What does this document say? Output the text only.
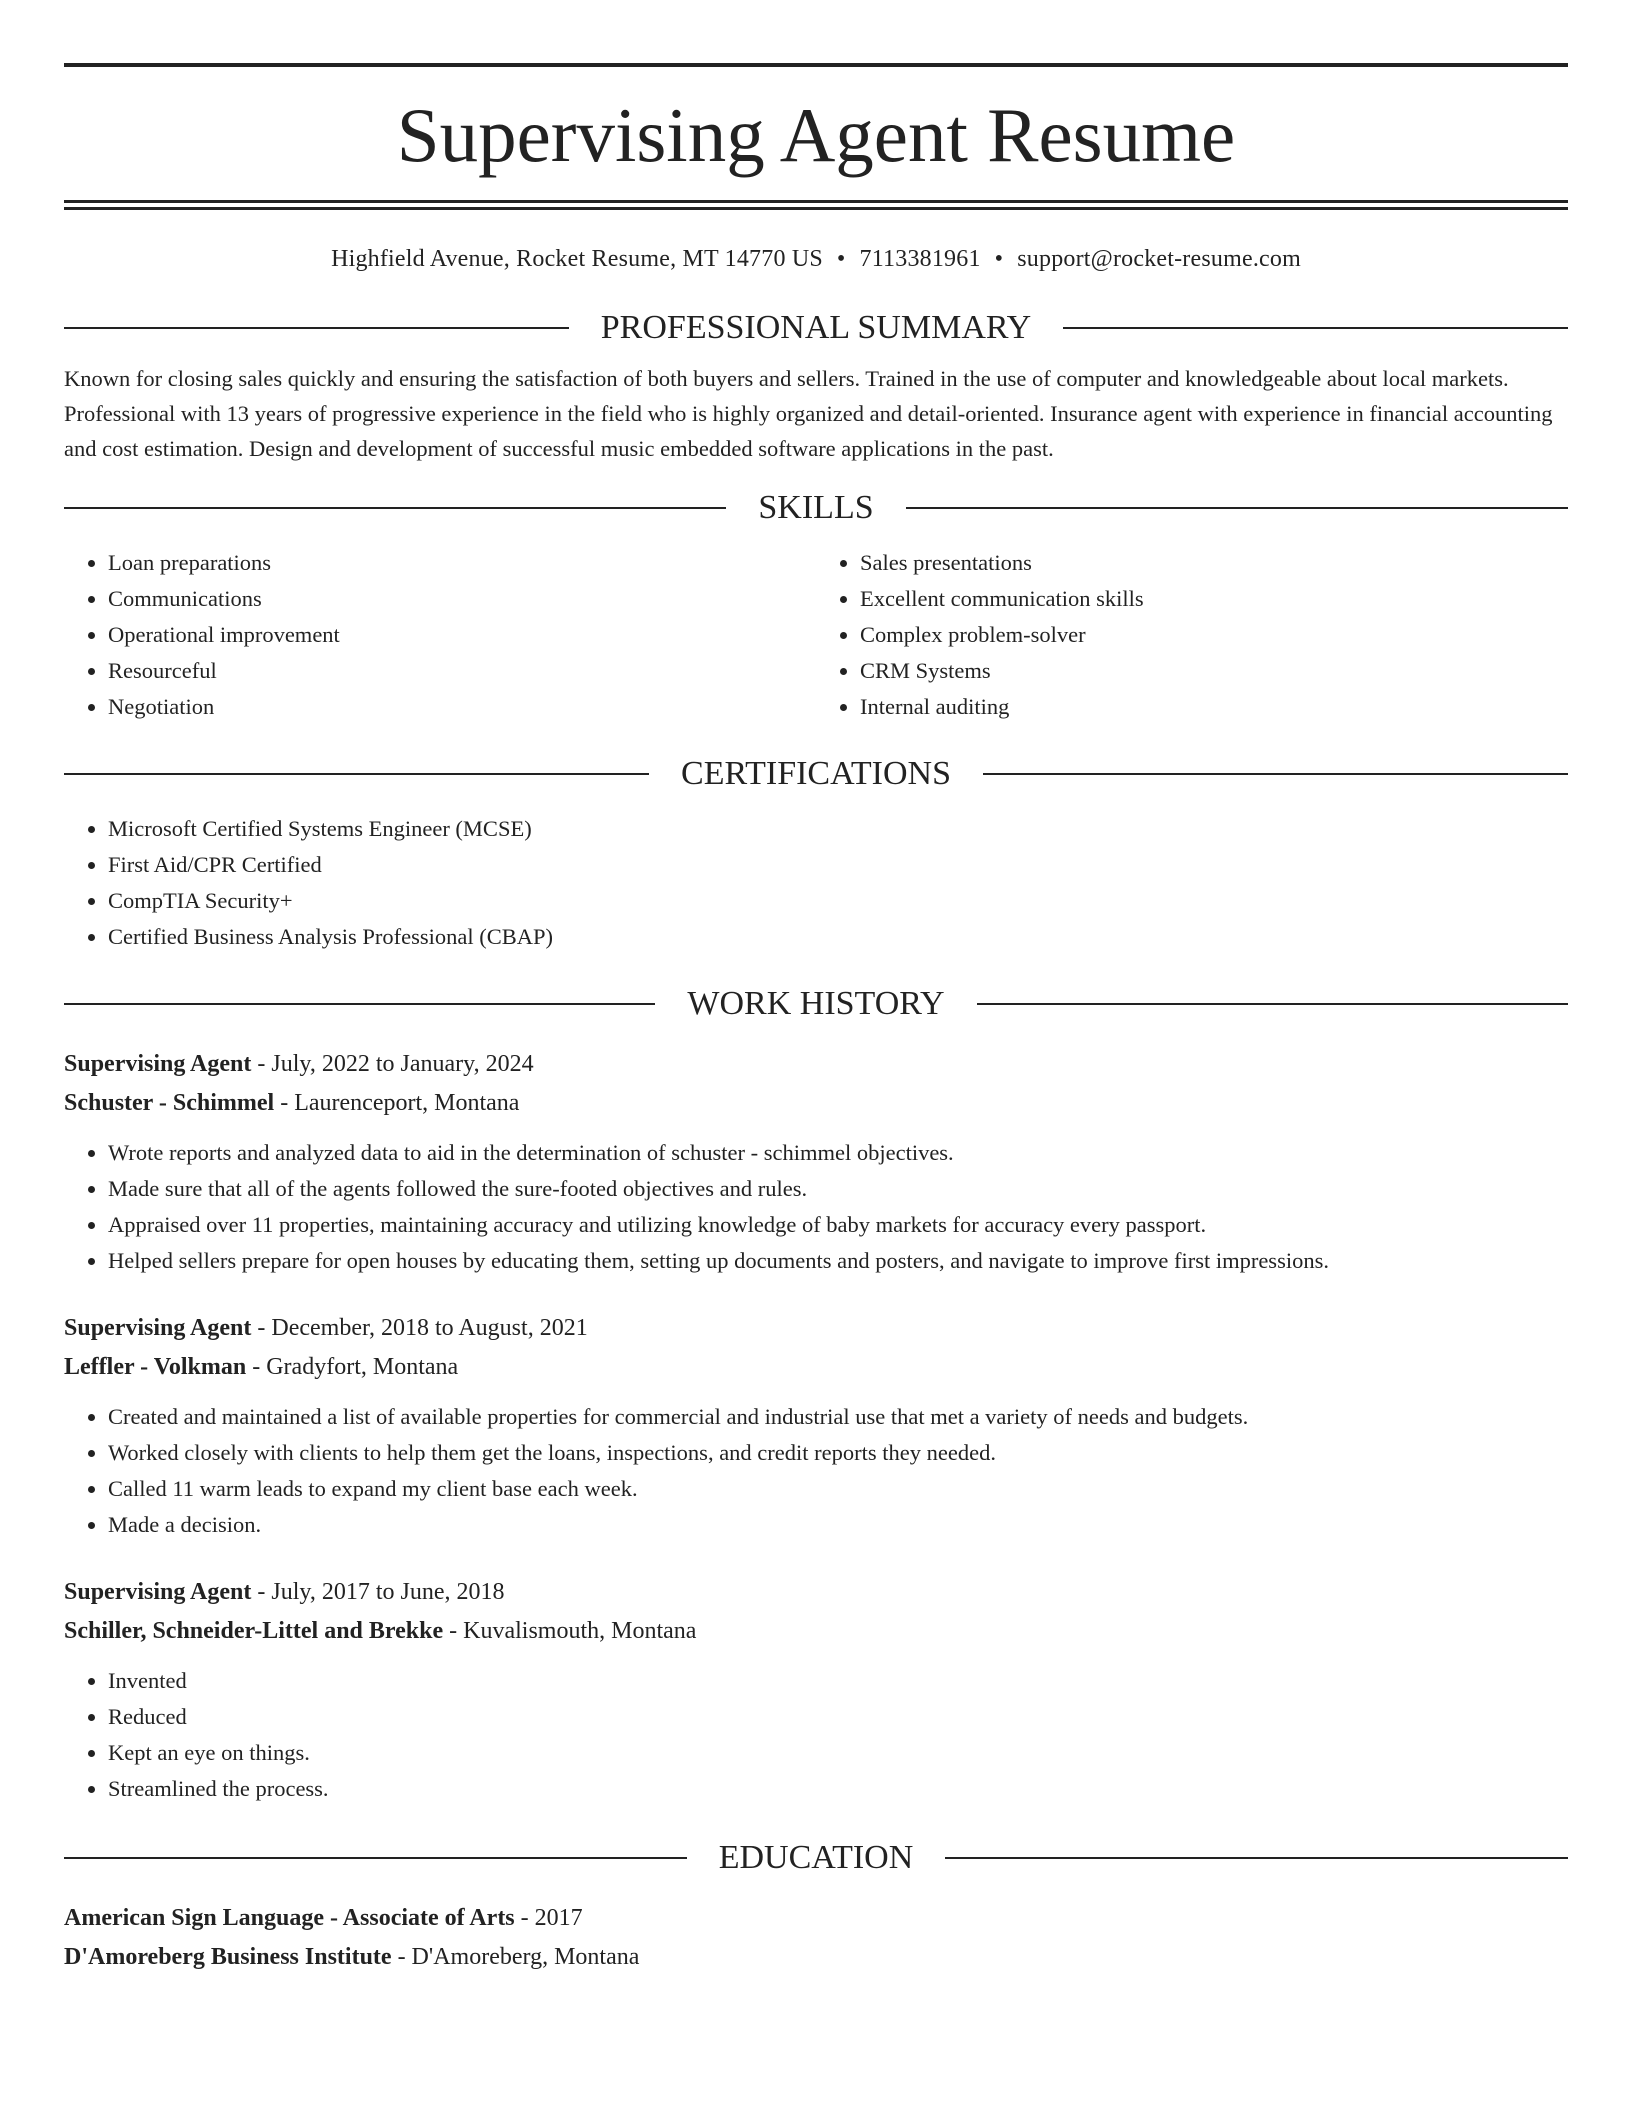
Supervising Agent Resume
Highfield Avenue, Rocket Resume, MT 14770 US • 7113381961 • support@rocket-resume.com
PROFESSIONAL SUMMARY

Known for closing sales quickly and ensuring the satisfaction of both buyers and sellers. Trained in the use of computer and knowledgeable about local markets. Professional with 13 years of progressive experience in the field who is highly organized and detail-oriented. Insurance agent with experience in financial accounting and cost estimation. Design and development of successful music embedded software applications in the past.

SKILLS
• Loan preparations
• Communications
• Operational improvement
• Resourceful
• Negotiation
• Sales presentations
• Excellent communication skills
• Complex problem-solver
• CRM Systems
• Internal auditing
CERTIFICATIONS
• Microsoft Certified Systems Engineer (MCSE)
• First Aid/CPR Certified
• CompTIA Security+
• Certified Business Analysis Professional (CBAP)
WORK HISTORY
Supervising Agent - July, 2022 to January, 2024
Schuster - Schimmel - Laurenceport, Montana
• Wrote reports and analyzed data to aid in the determination of schuster - schimmel objectives.
• Made sure that all of the agents followed the sure-footed objectives and rules.
• Appraised over 11 properties, maintaining accuracy and utilizing knowledge of baby markets for accuracy every passport.
• Helped sellers prepare for open houses by educating them, setting up documents and posters, and navigate to improve first impressions.
Supervising Agent - December, 2018 to August, 2021
Leffler - Volkman - Gradyfort, Montana
• Created and maintained a list of available properties for commercial and industrial use that met a variety of needs and budgets.
• Worked closely with clients to help them get the loans, inspections, and credit reports they needed.
• Called 11 warm leads to expand my client base each week.
• Made a decision.
Supervising Agent - July, 2017 to June, 2018
Schiller, Schneider-Littel and Brekke - Kuvalismouth, Montana
• Invented
• Reduced
• Kept an eye on things.
• Streamlined the process.
EDUCATION
American Sign Language - Associate of Arts - 2017
D'Amoreberg Business Institute - D'Amoreberg, Montana
